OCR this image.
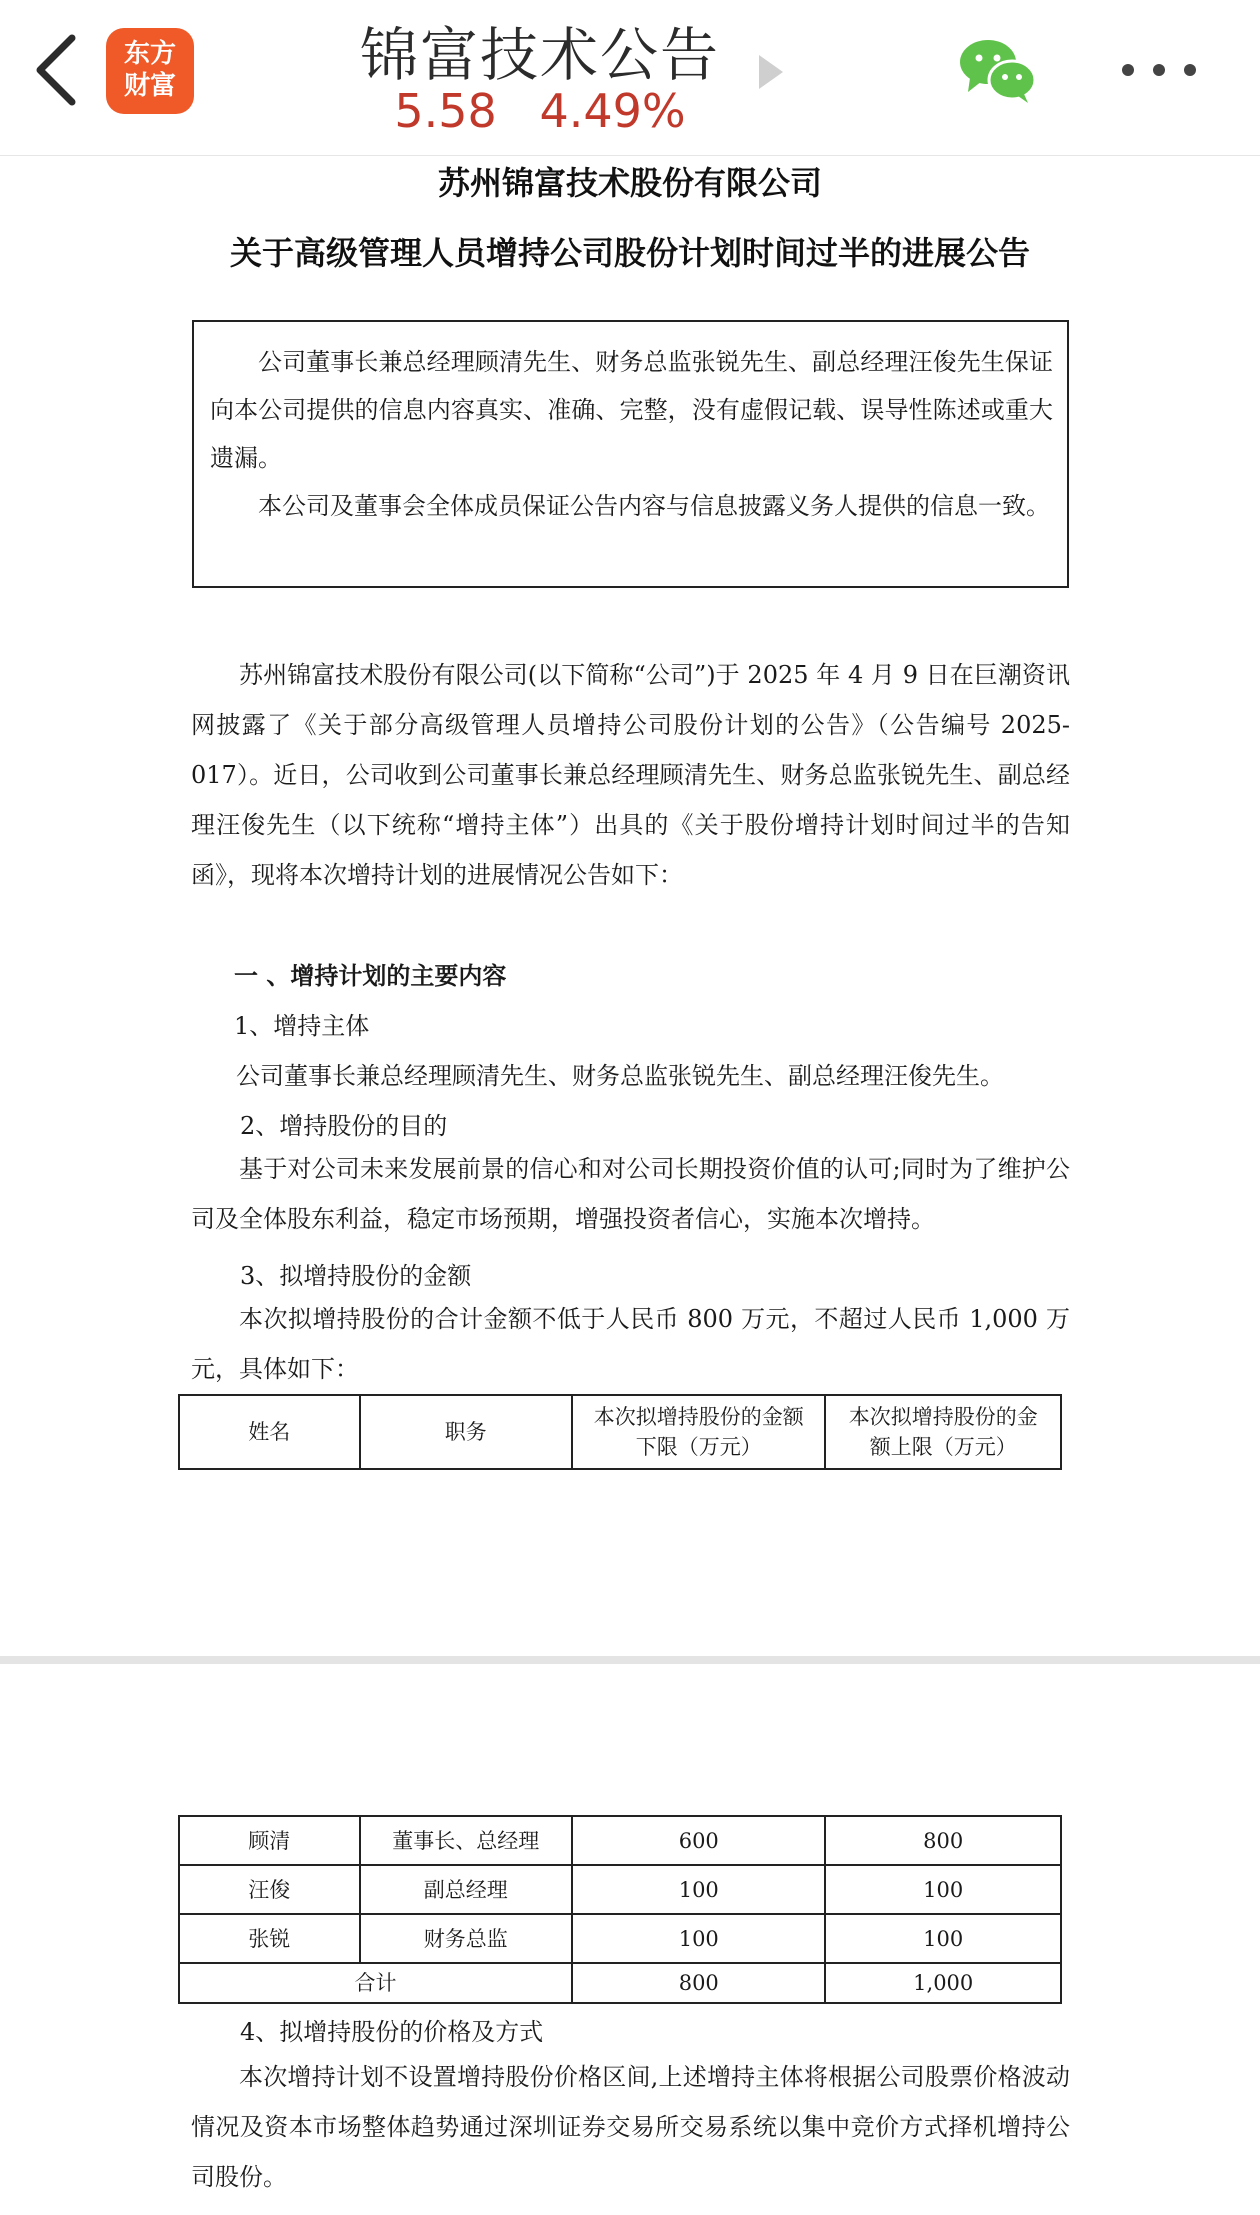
东方
财富	锦富技术公告
5.58 4.49%
苏州锦富技术股份有限公司
关于高级管理人员增持公司股份计划时间过半的进展公告

公司董事长兼总经理顾清先生、财务总监张锐先生、副总经理汪俊先生保证向本公司提供的信息内容真实、准确、完整，没有虚假记载、误导性陈述或重大遗漏。

本公司及董事会全体成员保证公告内容与信息披露义务人提供的信息一致。

苏州锦富技术股份有限公司(以下简称“公司”)于 2025 年 4 月 9 日在巨潮资讯网披露了《关于部分高级管理人员增持公司股份计划的公告》（公告编号 2025-017）。近日，公司收到公司董事长兼总经理顾清先生、财务总监张锐先生、副总经理汪俊先生（以下统称“增持主体”）出具的《关于股份增持计划时间过半的告知函》，现将本次增持计划的进展情况公告如下：
一 、增持计划的主要内容
1、增持主体
公司董事长兼总经理顾清先生、财务总监张锐先生、副总经理汪俊先生。
2、增持股份的目的
基于对公司未来发展前景的信心和对公司长期投资价值的认可;同时为了维护公司及全体股东利益，稳定市场预期，增强投资者信心，实施本次增持。
3、拟增持股份的金额
本次拟增持股份的合计金额不低于人民币 800 万元，不超过人民币 1,000 万元，具体如下：
姓名	职务	本次拟增持股份的金额下限（万元）	本次拟增持股份的金额上限（万元）
顾清	董事长、总经理	600	800
汪俊	副总经理	100	100
张锐	财务总监	100	100
合计		800	1,000
4、拟增持股份的价格及方式
本次增持计划不设置增持股份价格区间,上述增持主体将根据公司股票价格波动情况及资本市场整体趋势通过深圳证券交易所交易系统以集中竞价方式择机增持公司股份。
